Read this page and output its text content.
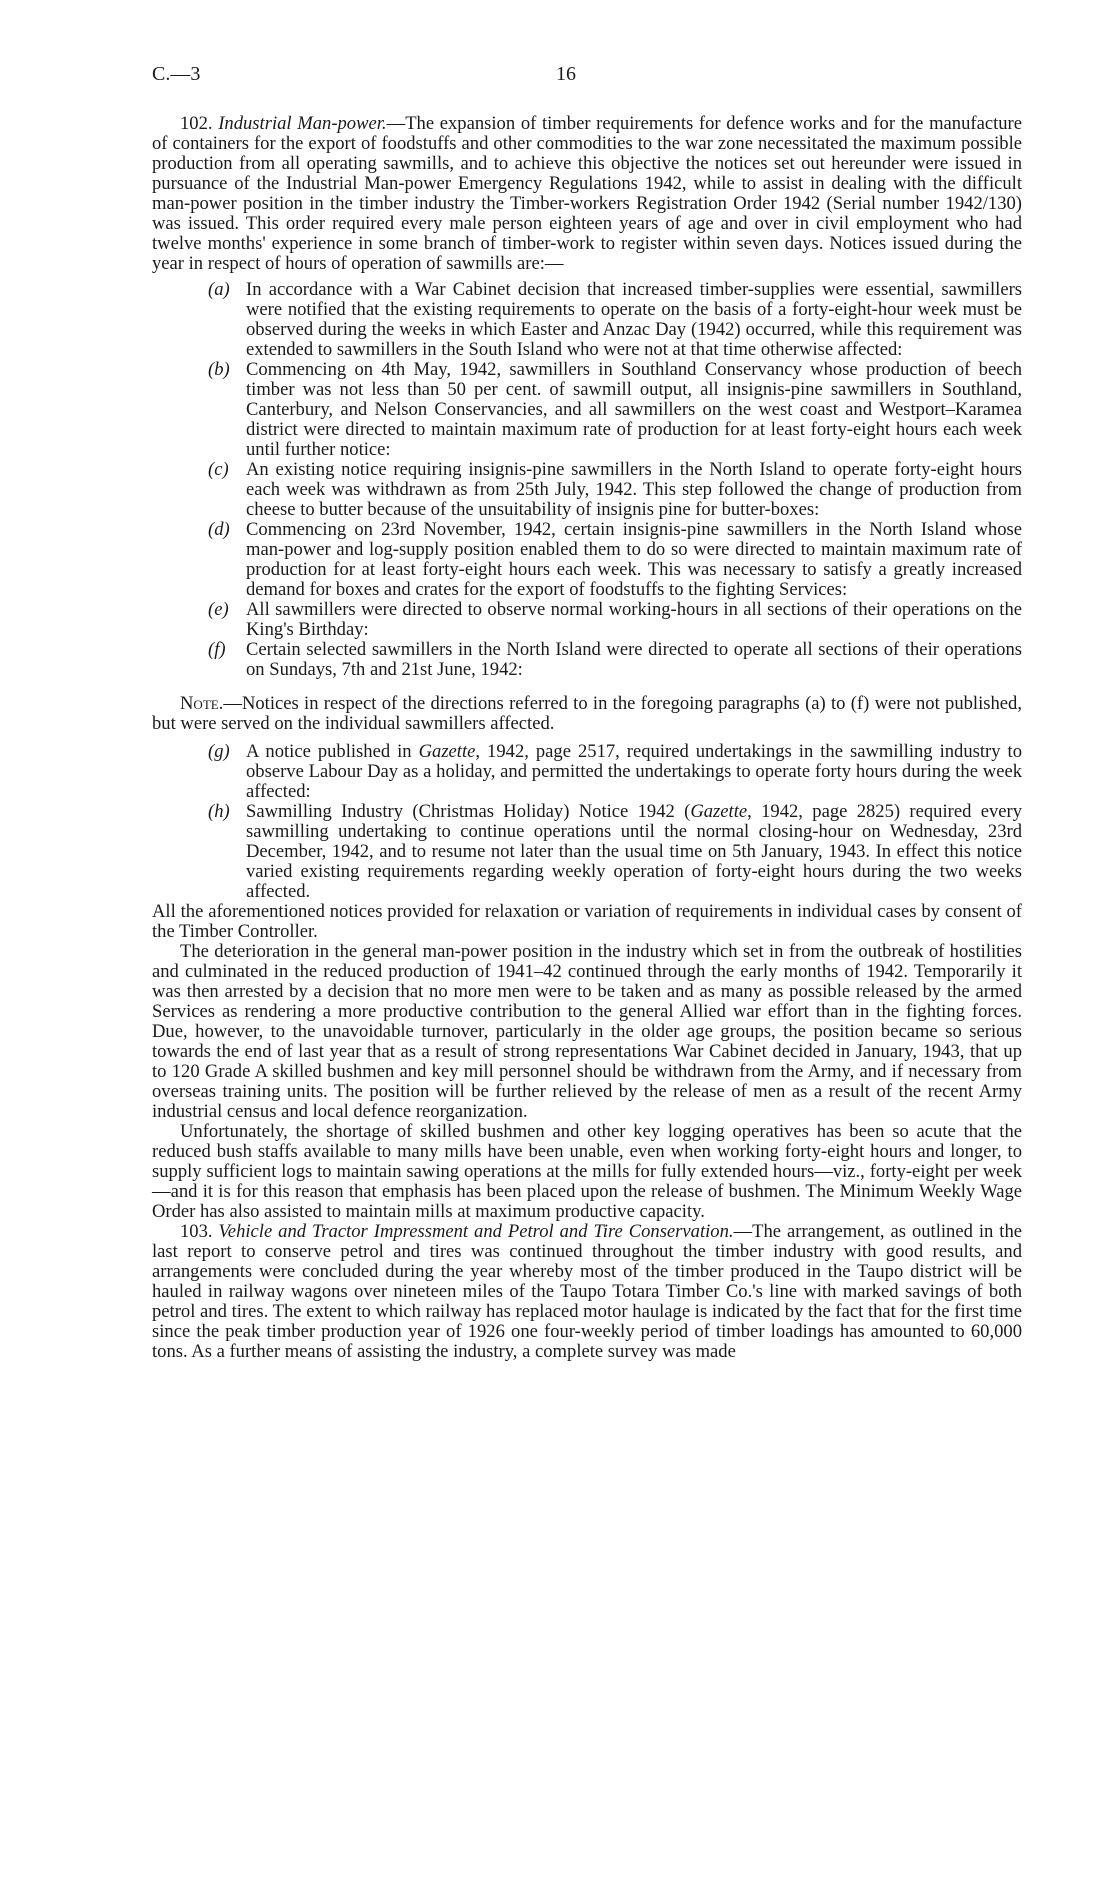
C.—3	16

102. Industrial Man-power.—The expansion of timber requirements for defence works and for the manufacture of containers for the export of foodstuffs and other commodities to the war zone necessitated the maximum possible production from all operating sawmills, and to achieve this objective the notices set out hereunder were issued in pursuance of the Industrial Man-power Emergency Regulations 1942, while to assist in dealing with the difficult man-power position in the timber industry the Timber-workers Registration Order 1942 (Serial number 1942/130) was issued. This order required every male person eighteen years of age and over in civil employment who had twelve months' experience in some branch of timber-work to register within seven days. Notices issued during the year in respect of hours of operation of sawmills are:—

(a) In accordance with a War Cabinet decision that increased timber-supplies were essential, sawmillers were notified that the existing requirements to operate on the basis of a forty-eight-hour week must be observed during the weeks in which Easter and Anzac Day (1942) occurred, while this requirement was extended to sawmillers in the South Island who were not at that time otherwise affected:
(b) Commencing on 4th May, 1942, sawmillers in Southland Conservancy whose production of beech timber was not less than 50 per cent. of sawmill output, all insignis-pine sawmillers in Southland, Canterbury, and Nelson Conservancies, and all sawmillers on the west coast and Westport–Karamea district were directed to maintain maximum rate of production for at least forty-eight hours each week until further notice:
(c) An existing notice requiring insignis-pine sawmillers in the North Island to operate forty-eight hours each week was withdrawn as from 25th July, 1942. This step followed the change of production from cheese to butter because of the unsuitability of insignis pine for butter-boxes:
(d) Commencing on 23rd November, 1942, certain insignis-pine sawmillers in the North Island whose man-power and log-supply position enabled them to do so were directed to maintain maximum rate of production for at least forty-eight hours each week. This was necessary to satisfy a greatly increased demand for boxes and crates for the export of foodstuffs to the fighting Services:
(e) All sawmillers were directed to observe normal working-hours in all sections of their operations on the King's Birthday:
(f)	Certain selected sawmillers in the North Island were directed to operate all sections of their operations on Sundays, 7th and 21st June, 1942:

Note.—Notices in respect of the directions referred to in the foregoing paragraphs (a) to (f) were not published, but were served on the individual sawmillers affected.

(g) A notice published in Gazette, 1942, page 2517, required undertakings in the sawmilling industry to observe Labour Day as a holiday, and permitted the undertakings to operate forty hours during the week affected:
(h) Sawmilling Industry (Christmas Holiday) Notice 1942 (Gazette, 1942, page 2825) required every sawmilling undertaking to continue operations until the normal closing-hour on Wednesday, 23rd December, 1942, and to resume not later than the usual time on 5th January, 1943. In effect this notice varied existing requirements regarding weekly operation of forty-eight hours during the two weeks affected.

All the aforementioned notices provided for relaxation or variation of requirements in individual cases by consent of the Timber Controller.

The deterioration in the general man-power position in the industry which set in from the outbreak of hostilities and culminated in the reduced production of 1941–42 continued through the early months of 1942. Temporarily it was then arrested by a decision that no more men were to be taken and as many as possible released by the armed Services as rendering a more productive contribution to the general Allied war effort than in the fighting forces. Due, however, to the unavoidable turnover, particularly in the older age groups, the position became so serious towards the end of last year that as a result of strong representations War Cabinet decided in January, 1943, that up to 120 Grade A skilled bushmen and key mill personnel should be withdrawn from the Army, and if necessary from overseas training units. The position will be further relieved by the release of men as a result of the recent Army industrial census and local defence reorganization.

Unfortunately, the shortage of skilled bushmen and other key logging operatives has been so acute that the reduced bush staffs available to many mills have been unable, even when working forty-eight hours and longer, to supply sufficient logs to maintain sawing operations at the mills for fully extended hours—viz., forty-eight per week—and it is for this reason that emphasis has been placed upon the release of bushmen. The Minimum Weekly Wage Order has also assisted to maintain mills at maximum productive capacity.

103. Vehicle and Tractor Impressment and Petrol and Tire Conservation.—The arrangement, as outlined in the last report to conserve petrol and tires was continued throughout the timber industry with good results, and arrangements were concluded during the year whereby most of the timber produced in the Taupo district will be hauled in railway wagons over nineteen miles of the Taupo Totara Timber Co.'s line with marked savings of both petrol and tires. The extent to which railway has replaced motor haulage is indicated by the fact that for the first time since the peak timber production year of 1926 one four-weekly period of timber loadings has amounted to 60,000 tons. As a further means of assisting the industry, a complete survey was made
